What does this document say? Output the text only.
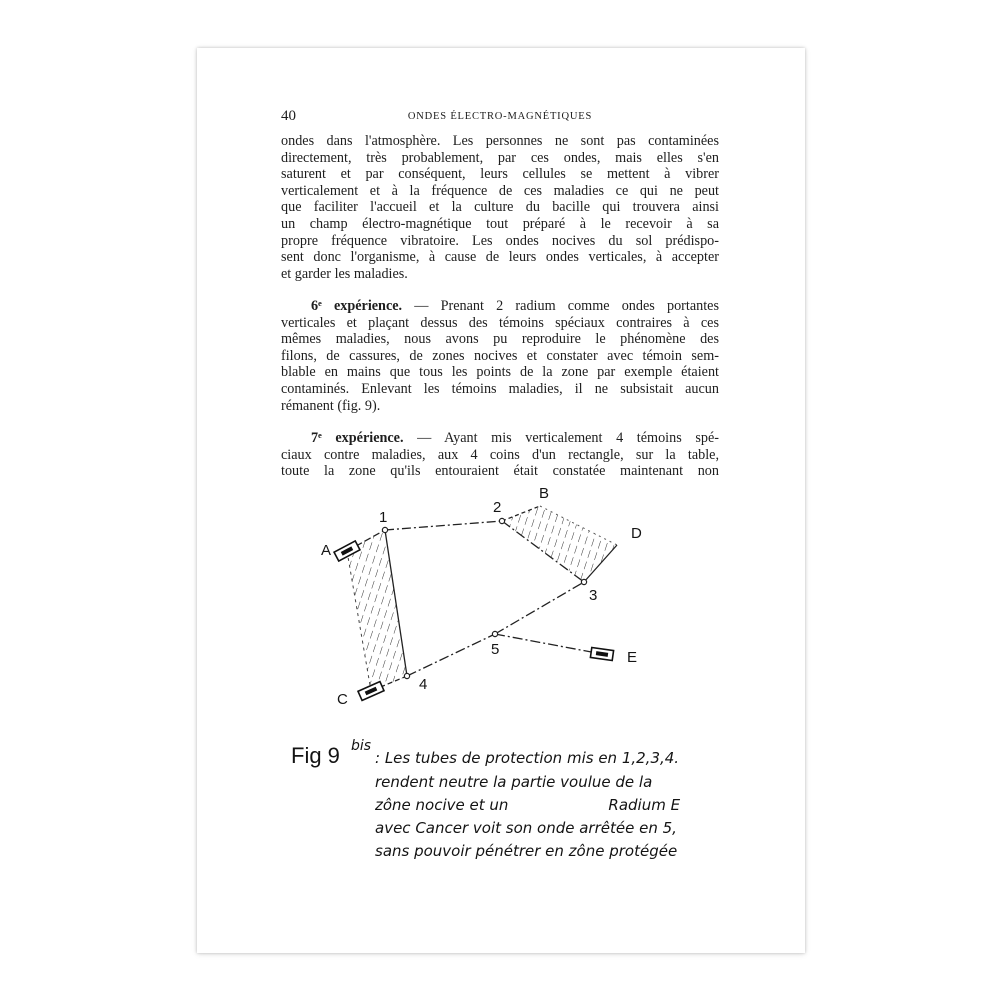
40	ONDES ÉLECTRO-MAGNÉTIQUES
ondes dans l'atmosphère. Les personnes ne sont pas contaminées
directement, très probablement, par ces ondes, mais elles s'en
saturent et par conséquent, leurs cellules se mettent à vibrer
verticalement et à la fréquence de ces maladies ce qui ne peut
que faciliter l'accueil et la culture du bacille qui trouvera ainsi
un champ électro-magnétique tout préparé à le recevoir à sa
propre fréquence vibratoire. Les ondes nocives du sol prédispo-
sent donc l'organisme, à cause de leurs ondes verticales, à accepter
et garder les maladies.
6ᵉ expérience. — Prenant 2 radium comme ondes portantes
verticales et plaçant dessus des témoins spéciaux contraires à ces
mêmes maladies, nous avons pu reproduire le phénomène des
filons, de cassures, de zones nocives et constater avec témoin sem-
blable en mains que tous les points de la zone par exemple étaient
contaminés. Enlevant les témoins maladies, il ne subsistait aucun
rémanent (fig. 9).
7ᵉ expérience. — Ayant mis verticalement 4 témoins spé-
ciaux contre maladies, aux 4 coins d'un rectangle, sur la table,
toute la zone qu'ils entouraient était constatée maintenant non
A
B
C
D
E
1
2
3
4
5
Fig 9 bis
: Les tubes de protection mis en 1,2,3,4.
rendent neutre la partie voulue de la
zône nocive et un	Radium E
avec Cancer voit son onde arrêtée en 5,
sans pouvoir pénétrer en zône protégée
